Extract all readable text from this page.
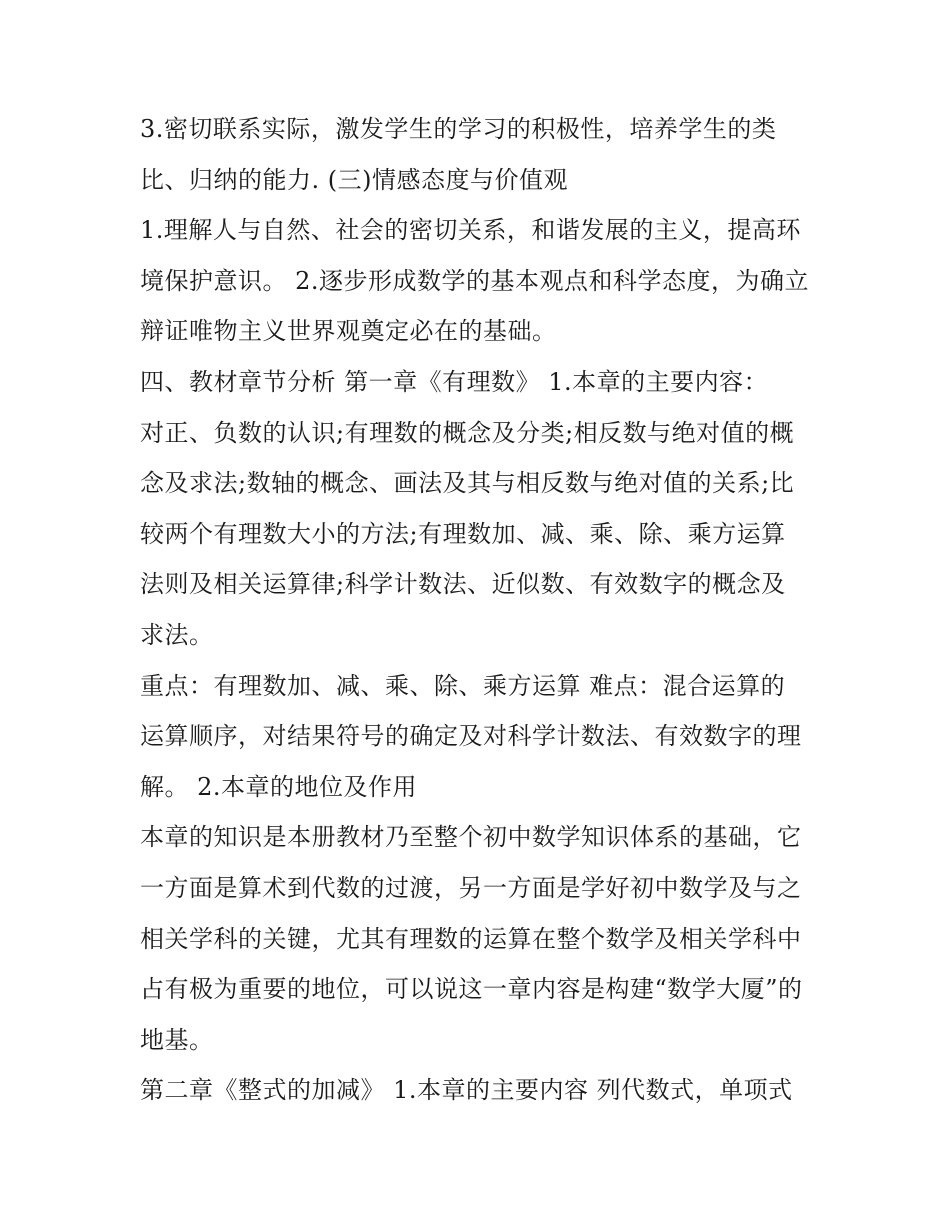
3.密切联系实际，激发学生的学习的积极性，培养学生的类
比、归纳的能力. (三)情感态度与价值观
1.理解人与自然、社会的密切关系，和谐发展的主义，提高环
境保护意识。 2.逐步形成数学的基本观点和科学态度，为确立
辩证唯物主义世界观奠定必在的基础。
四、教材章节分析 第一章《有理数》 1.本章的主要内容：
对正、负数的认识;有理数的概念及分类;相反数与绝对值的概
念及求法;数轴的概念、画法及其与相反数与绝对值的关系;比
较两个有理数大小的方法;有理数加、减、乘、除、乘方运算
法则及相关运算律;科学计数法、近似数、有效数字的概念及
求法。
重点：有理数加、减、乘、除、乘方运算 难点：混合运算的
运算顺序，对结果符号的确定及对科学计数法、有效数字的理
解。 2.本章的地位及作用
本章的知识是本册教材乃至整个初中数学知识体系的基础，它
一方面是算术到代数的过渡，另一方面是学好初中数学及与之
相关学科的关键，尤其有理数的运算在整个数学及相关学科中
占有极为重要的地位，可以说这一章内容是构建“数学大厦”的
地基。
第二章《整式的加减》 1.本章的主要内容 列代数式，单项式
